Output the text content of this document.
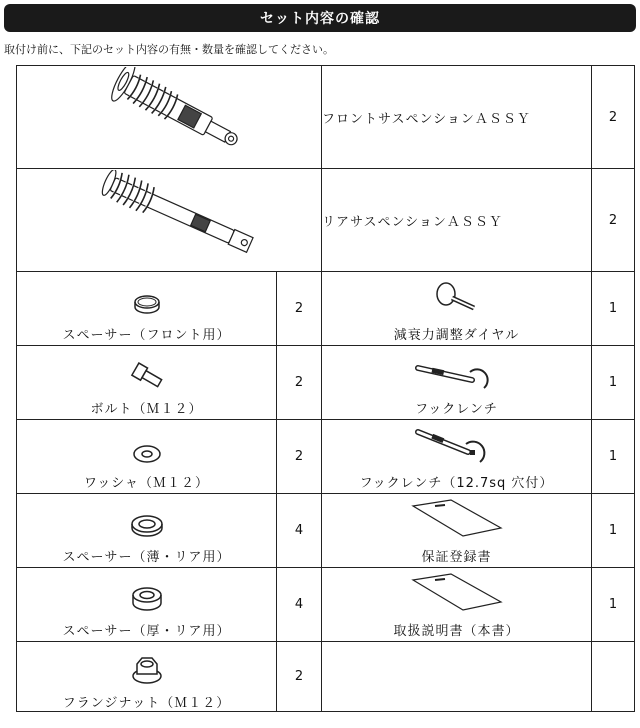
セット内容の確認
取付け前に、下記のセット内容の有無・数量を確認してください。
	フロントサスペンションＡＳＳＹ	2

	リアサスペンションＡＳＳＹ	2

スペーサー（フロント用）	2	減衰力調整ダイヤル	1

ボルト（Ｍ１２）	2	フックレンチ	1

ワッシャ（Ｍ１２）	2	フックレンチ（12.7sq 穴付）	1

スペーサー（薄・リア用）	4	保証登録書	1

スペーサー（厚・リア用）	4	取扱説明書（本書）	1

フランジナット（Ｍ１２）	2		
